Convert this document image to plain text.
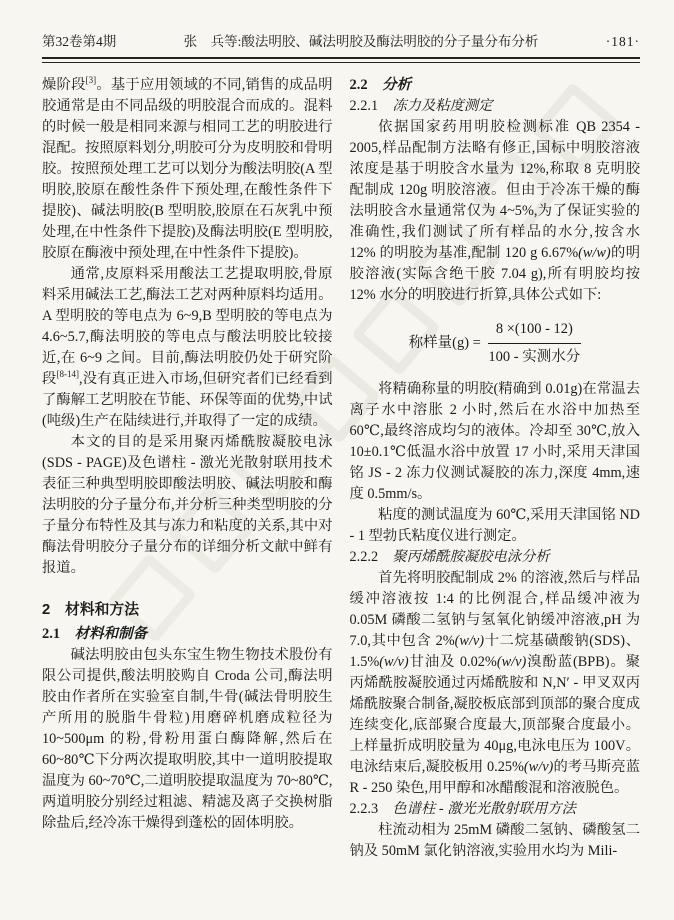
第32卷第4期	张　兵等:酸法明胶、碱法明胶及酶法明胶的分子量分布分析	·181·

燥阶段[3]。基于应用领域的不同,销售的成品明胶通常是由不同品级的明胶混合而成的。混料的时候一般是相同来源与相同工艺的明胶进行混配。按照原料划分,明胶可分为皮明胶和骨明胶。按照预处理工艺可以划分为酸法明胶(A 型明胶,胶原在酸性条件下预处理,在酸性条件下提胶)、碱法明胶(B 型明胶,胶原在石灰乳中预处理,在中性条件下提胶)及酶法明胶(E 型明胶,胶原在酶液中预处理,在中性条件下提胶)。

通常,皮原料采用酸法工艺提取明胶,骨原料采用碱法工艺,酶法工艺对两种原料均适用。A 型明胶的等电点为 6~9,B 型明胶的等电点为 4.6~5.7,酶法明胶的等电点与酸法明胶比较接近,在 6~9 之间。目前,酶法明胶仍处于研究阶段[8-14],没有真正进入市场,但研究者们已经看到了酶解工艺明胶在节能、环保等面的优势,中试(吨级)生产在陆续进行,并取得了一定的成绩。

本文的目的是采用聚丙烯酰胺凝胶电泳(SDS - PAGE)及色谱柱 - 激光光散射联用技术表征三种典型明胶即酸法明胶、碱法明胶和酶法明胶的分子量分布,并分析三种类型明胶的分子量分布特性及其与冻力和粘度的关系,其中对酶法骨明胶分子量分布的详细分析文献中鲜有报道。

2　材料和方法
2.1　材料和制备

碱法明胶由包头东宝生物生物技术股份有限公司提供,酸法明胶购自 Croda 公司,酶法明胶由作者所在实验室自制,牛骨(碱法骨明胶生产所用的脱脂牛骨粒)用磨碎机磨成粒径为 10~500μm 的粉,骨粉用蛋白酶降解,然后在 60~80℃下分两次提取明胶,其中一道明胶提取温度为 60~70℃,二道明胶提取温度为 70~80℃,两道明胶分别经过粗滤、精滤及离子交换树脂除盐后,经冷冻干燥得到蓬松的固体明胶。

2.2　分析
2.2.1　冻力及粘度测定

依据国家药用明胶检测标准 QB 2354 - 2005,样品配制方法略有修正,国标中明胶溶液浓度是基于明胶含水量为 12%,称取 8 克明胶配制成 120g 明胶溶液。但由于冷冻干燥的酶法明胶含水量通常仅为 4~5%,为了保证实验的准确性,我们测试了所有样品的水分,按含水 12% 的明胶为基准,配制 120 g 6.67%(w/w)的明胶溶液(实际含绝干胶 7.04 g),所有明胶均按 12% 水分的明胶进行折算,具体公式如下:

称样量$(g) = \frac{8 \times(100 - 12)}{\text{100 - 实测水分}}$

将精确称量的明胶(精确到 0.01g)在常温去离子水中溶胀 2 小时,然后在水浴中加热至 60℃,最终溶成均匀的液体。冷却至 30℃,放入 10±0.1℃低温水浴中放置 17 小时,采用天津国铭 JS - 2 冻力仪测试凝胶的冻力,深度 4mm,速度 0.5mm/s。

粘度的测试温度为 60℃,采用天津国铭 ND - 1 型勃氏粘度仪进行测定。

2.2.2　聚丙烯酰胺凝胶电泳分析

首先将明胶配制成 2% 的溶液,然后与样品缓冲溶液按 1:4 的比例混合,样品缓冲液为 0.05M 磷酸二氢钠与氢氧化钠缓冲溶液,pH 为 7.0,其中包含 2%(w/v)十二烷基磺酸钠(SDS)、1.5%(w/v)甘油及 0.02%(w/v)溴酚蓝(BPB)。聚丙烯酰胺凝胶通过丙烯酰胺和 N,N′ - 甲叉双丙烯酰胺聚合制备,凝胶板底部到顶部的聚合度成连续变化,底部聚合度最大,顶部聚合度最小。上样量折成明胶量为 40μg,电泳电压为 100V。电泳结束后,凝胶板用 0.25%(w/v)的考马斯亮蓝 R - 250 染色,用甲醇和冰醋酸混和溶液脱色。

2.2.3　色谱柱 - 激光光散射联用方法

柱流动相为 25mM 磷酸二氢钠、磷酸氢二钠及 50mM 氯化钠溶液,实验用水均为 Mili-
